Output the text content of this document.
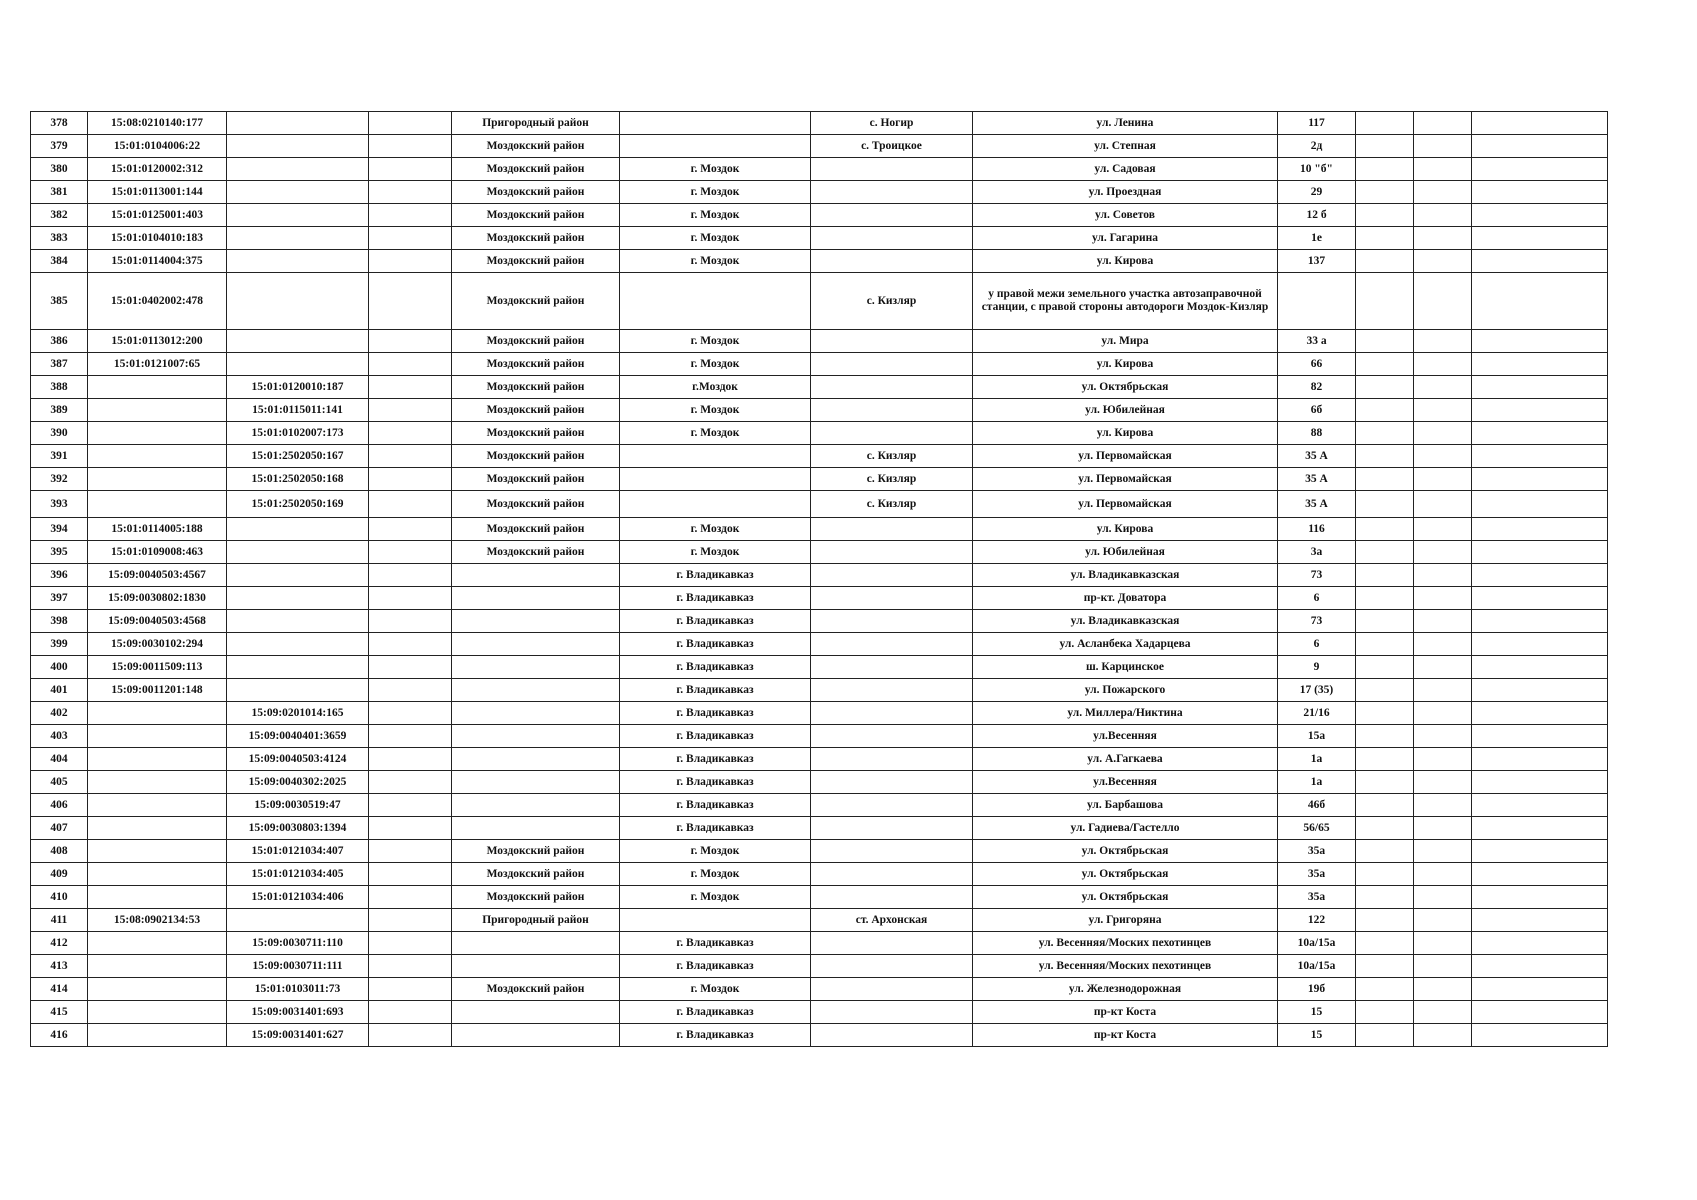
378	15:08:0210140:177			Пригородный район		с. Ногир	ул. Ленина	117			
379	15:01:0104006:22			Моздокский район		с. Троицкое	ул. Степная	2д			
380	15:01:0120002:312			Моздокский район	г. Моздок		ул. Садовая	10 "б"			
381	15:01:0113001:144			Моздокский район	г. Моздок		ул. Проездная	29			
382	15:01:0125001:403			Моздокский район	г. Моздок		ул. Советов	12 б			
383	15:01:0104010:183			Моздокский район	г. Моздок		ул. Гагарина	1е			
384	15:01:0114004:375			Моздокский район	г. Моздок		ул. Кирова	137			
385	15:01:0402002:478			Моздокский район		с. Кизляр	у правой межи земельного участка автозаправочной станции, с правой стороны автодороги Моздок-Кизляр				
386	15:01:0113012:200			Моздокский район	г. Моздок		ул. Мира	33 а			
387	15:01:0121007:65			Моздокский район	г. Моздок		ул. Кирова	66			
388		15:01:0120010:187		Моздокский район	г.Моздок		ул. Октябрьская	82			
389		15:01:0115011:141		Моздокский район	г. Моздок		ул. Юбилейная	6б			
390		15:01:0102007:173		Моздокский район	г. Моздок		ул. Кирова	88			
391		15:01:2502050:167		Моздокский район		с. Кизляр	ул. Первомайская	35 А			
392		15:01:2502050:168		Моздокский район		с. Кизляр	ул. Первомайская	35 А			
393		15:01:2502050:169		Моздокский район		с. Кизляр	ул. Первомайская	35 А			
394	15:01:0114005:188			Моздокский район	г. Моздок		ул. Кирова	116			
395	15:01:0109008:463			Моздокский район	г. Моздок		ул. Юбилейная	3а			
396	15:09:0040503:4567				г. Владикавказ		ул. Владикавказская	73			
397	15:09:0030802:1830				г. Владикавказ		пр-кт. Доватора	6			
398	15:09:0040503:4568				г. Владикавказ		ул. Владикавказская	73			
399	15:09:0030102:294				г. Владикавказ		ул. Асланбека Хадарцева	6			
400	15:09:0011509:113				г. Владикавказ		ш. Карцинское	9			
401	15:09:0011201:148				г. Владикавказ		ул. Пожарского	17 (35)			
402		15:09:0201014:165			г. Владикавказ		ул. Миллера/Никтина	21/16			
403		15:09:0040401:3659			г. Владикавказ		ул.Весенняя	15а			
404		15:09:0040503:4124			г. Владикавказ		ул. А.Гагкаева	1а			
405		15:09:0040302:2025			г. Владикавказ		ул.Весенняя	1а			
406		15:09:0030519:47			г. Владикавказ		ул. Барбашова	46б			
407		15:09:0030803:1394			г. Владикавказ		ул. Гадиева/Гастелло	56/65			
408		15:01:0121034:407		Моздокский район	г. Моздок		ул. Октябрьская	35а			
409		15:01:0121034:405		Моздокский район	г. Моздок		ул. Октябрьская	35а			
410		15:01:0121034:406		Моздокский район	г. Моздок		ул. Октябрьская	35а			
411	15:08:0902134:53			Пригородный район		ст. Архонская	ул. Григоряна	122			
412		15:09:0030711:110			г. Владикавказ		ул. Весенняя/Моских пехотинцев	10а/15а			
413		15:09:0030711:111			г. Владикавказ		ул. Весенняя/Моских пехотинцев	10а/15а			
414		15:01:0103011:73		Моздокский район	г. Моздок		ул. Железнодорожная	19б			
415		15:09:0031401:693			г. Владикавказ		пр-кт Коста	15			
416		15:09:0031401:627			г. Владикавказ		пр-кт Коста	15			
